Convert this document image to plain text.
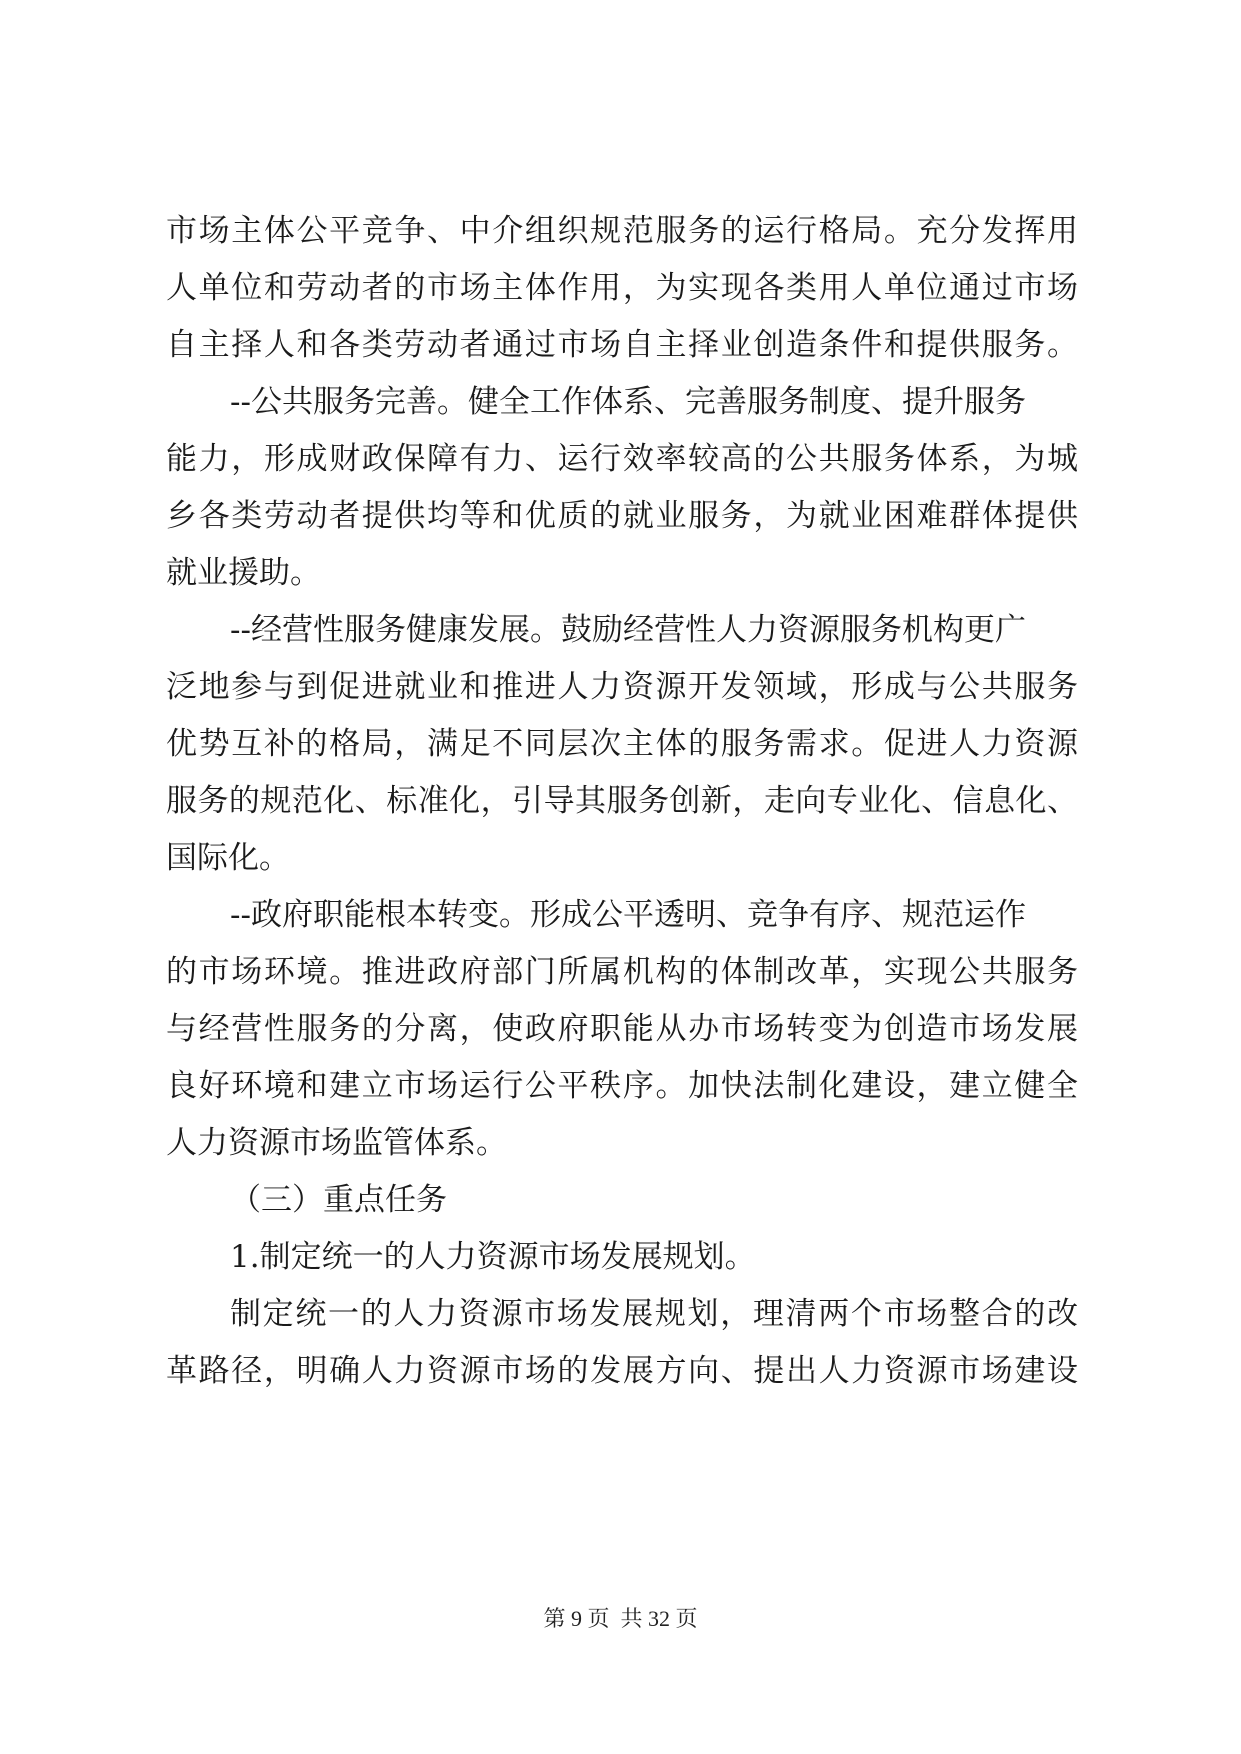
市场主体公平竞争、中介组织规范服务的运行格局。充分发挥用
人单位和劳动者的市场主体作用，为实现各类用人单位通过市场
自主择人和各类劳动者通过市场自主择业创造条件和提供服务。
--公共服务完善。健全工作体系、完善服务制度、提升服务
能力，形成财政保障有力、运行效率较高的公共服务体系，为城
乡各类劳动者提供均等和优质的就业服务，为就业困难群体提供
就业援助。
--经营性服务健康发展。鼓励经营性人力资源服务机构更广
泛地参与到促进就业和推进人力资源开发领域，形成与公共服务
优势互补的格局，满足不同层次主体的服务需求。促进人力资源
服务的规范化、标准化，引导其服务创新，走向专业化、信息化、
国际化。
--政府职能根本转变。形成公平透明、竞争有序、规范运作
的市场环境。推进政府部门所属机构的体制改革，实现公共服务
与经营性服务的分离，使政府职能从办市场转变为创造市场发展
良好环境和建立市场运行公平秩序。加快法制化建设，建立健全
人力资源市场监管体系。
（三）重点任务
1.制定统一的人力资源市场发展规划。
制定统一的人力资源市场发展规划，理清两个市场整合的改
革路径，明确人力资源市场的发展方向、提出人力资源市场建设
第 9 页  共 32 页
